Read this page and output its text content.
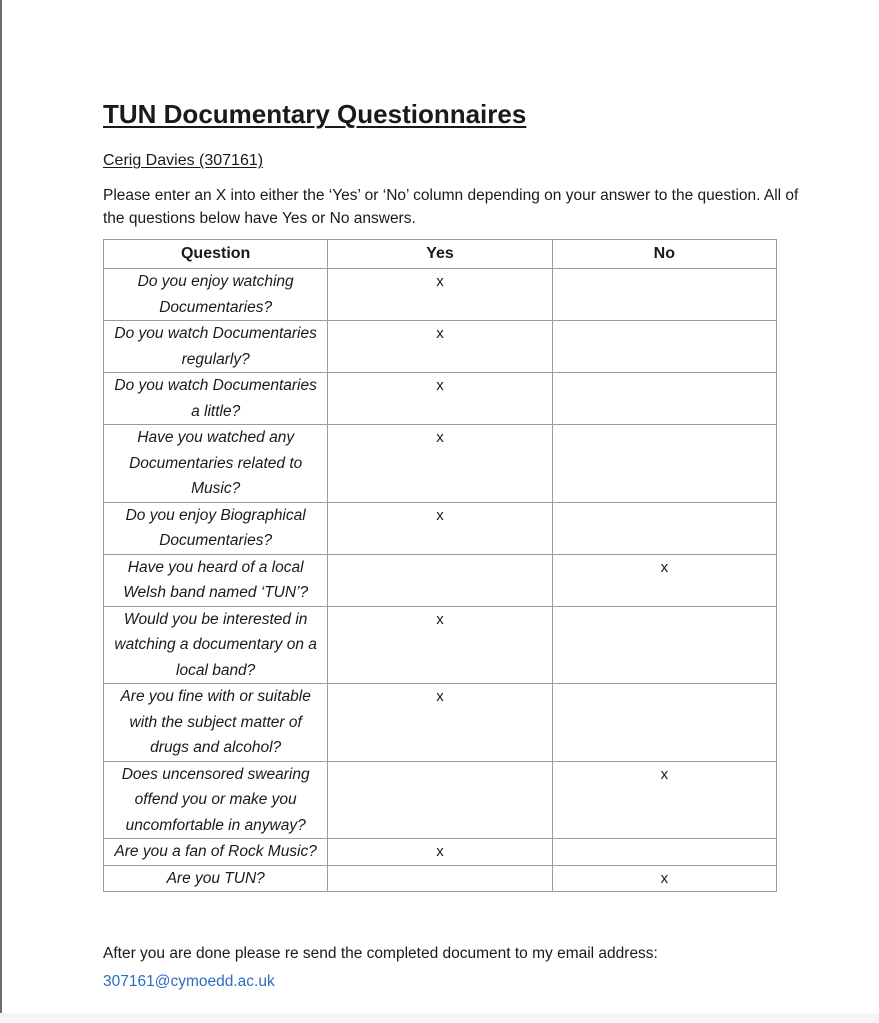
TUN Documentary Questionnaires
Cerig Davies (307161)
Please enter an X into either the ‘Yes’ or ‘No’ column depending on your answer to the question. All of
the questions below have Yes or No answers.
Question	Yes	No
Do you enjoy watching Documentaries?	x	
Do you watch Documentaries regularly?	x	
Do you watch Documentaries a little?	x	
Have you watched any Documentaries related to Music?	x	
Do you enjoy Biographical Documentaries?	x	
Have you heard of a local Welsh band named ‘TUN’?		x
Would you be interested in watching a documentary on a local band?	x	
Are you fine with or suitable with the subject matter of drugs and alcohol?	x	
Does uncensored swearing offend you or make you uncomfortable in anyway?		x
Are you a fan of Rock Music?	x	
Are you TUN?		x
After you are done please re send the completed document to my email address:
307161@cymoedd.ac.uk
